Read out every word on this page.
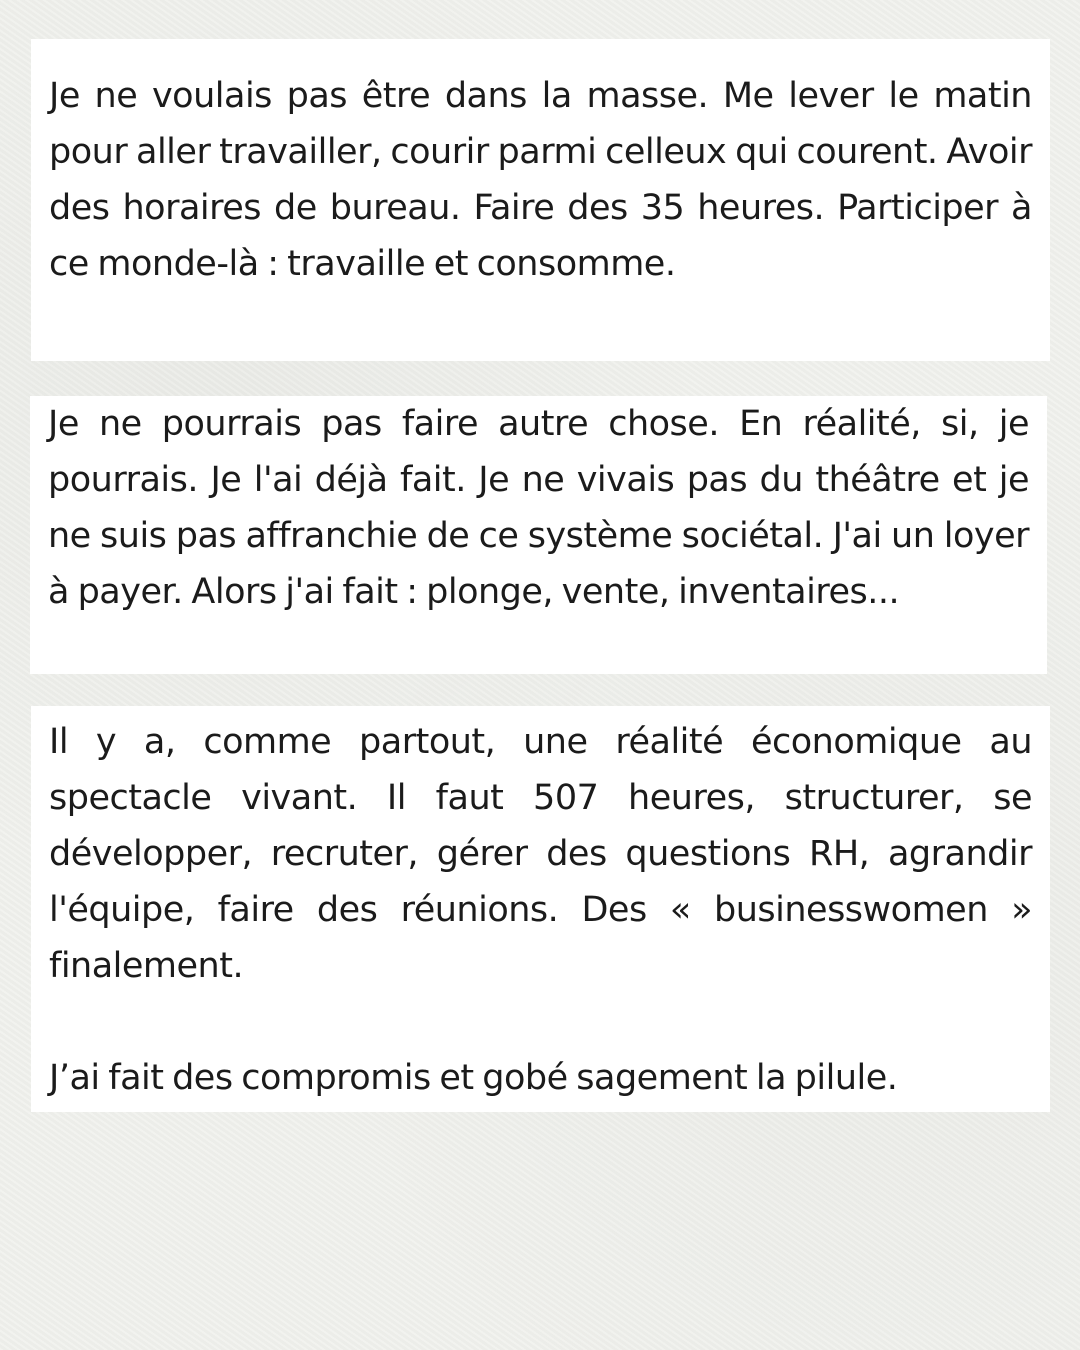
Je ne voulais pas être dans la masse. Me lever le matin pour aller travailler, courir parmi celleux qui courent. Avoir des horaires de bureau. Faire des 35 heures. Participer à ce monde-là : travaille et consomme.

Je ne pourrais pas faire autre chose. En réalité, si, je pourrais. Je l'ai déjà fait. Je ne vivais pas du théâtre et je ne suis pas affranchie de ce système sociétal. J'ai un loyer à payer. Alors j'ai fait : plonge, vente, inventaires...

Il y a, comme partout, une réalité économique au spectacle vivant. Il faut 507 heures, structurer, se développer, recruter, gérer des questions RH, agrandir l'équipe, faire des réunions. Des « businesswomen » finalement.

J’ai fait des compromis et gobé sagement la pilule.
